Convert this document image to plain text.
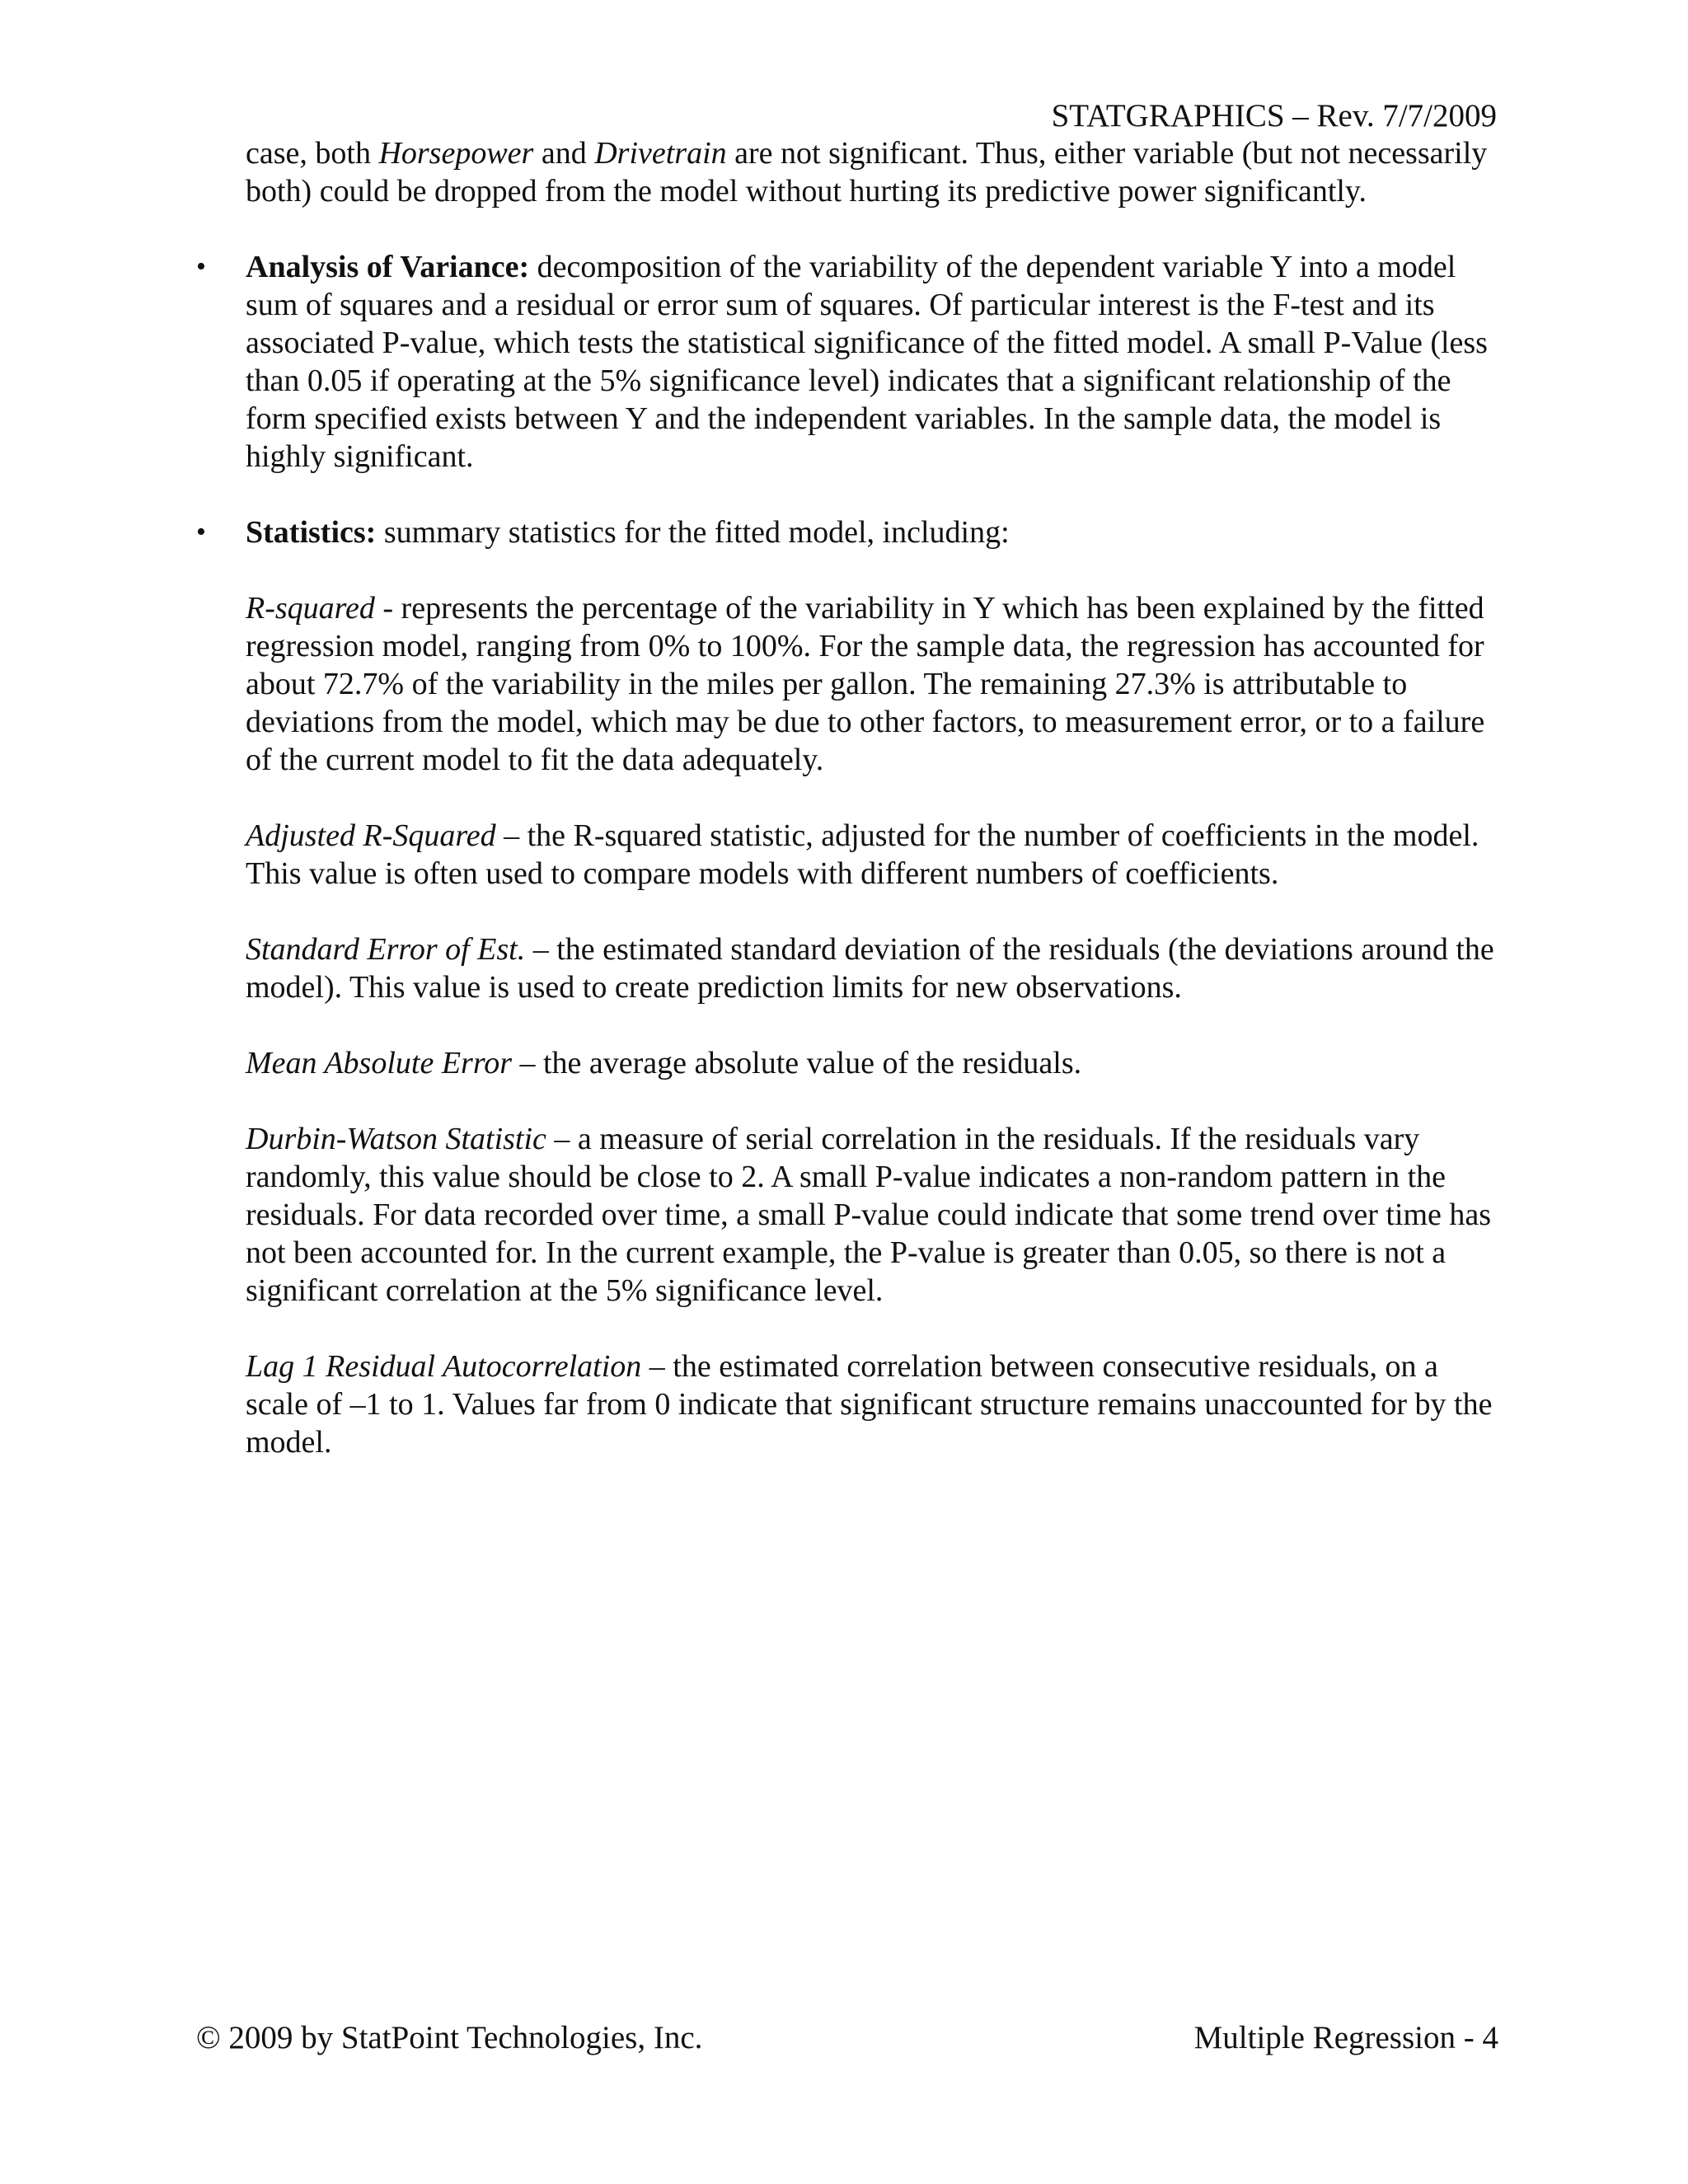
STATGRAPHICS – Rev. 7/7/2009

case, both Horsepower and Drivetrain are not significant. Thus, either variable (but not necessarily both) could be dropped from the model without hurting its predictive power significantly.

•	Analysis of Variance: decomposition of the variability of the dependent variable Y into a model sum of squares and a residual or error sum of squares. Of particular interest is the F-test and its associated P-value, which tests the statistical significance of the fitted model. A small P-Value (less than 0.05 if operating at the 5% significance level) indicates that a significant relationship of the form specified exists between Y and the independent variables. In the sample data, the model is highly significant.
•	Statistics: summary statistics for the fitted model, including:

R-squared - represents the percentage of the variability in Y which has been explained by the fitted regression model, ranging from 0% to 100%. For the sample data, the regression has accounted for about 72.7% of the variability in the miles per gallon. The remaining 27.3% is attributable to deviations from the model, which may be due to other factors, to measurement error, or to a failure of the current model to fit the data adequately.

Adjusted R-Squared – the R-squared statistic, adjusted for the number of coefficients in the model. This value is often used to compare models with different numbers of coefficients.

Standard Error of Est. – the estimated standard deviation of the residuals (the deviations around the model). This value is used to create prediction limits for new observations.

Mean Absolute Error – the average absolute value of the residuals.

Durbin-Watson Statistic – a measure of serial correlation in the residuals. If the residuals vary randomly, this value should be close to 2. A small P-value indicates a non-random pattern in the residuals. For data recorded over time, a small P-value could indicate that some trend over time has not been accounted for. In the current example, the P-value is greater than 0.05, so there is not a significant correlation at the 5% significance level.

Lag 1 Residual Autocorrelation – the estimated correlation between consecutive residuals, on a scale of –1 to 1. Values far from 0 indicate that significant structure remains unaccounted for by the model.

© 2009 by StatPoint Technologies, Inc.	Multiple Regression - 4
